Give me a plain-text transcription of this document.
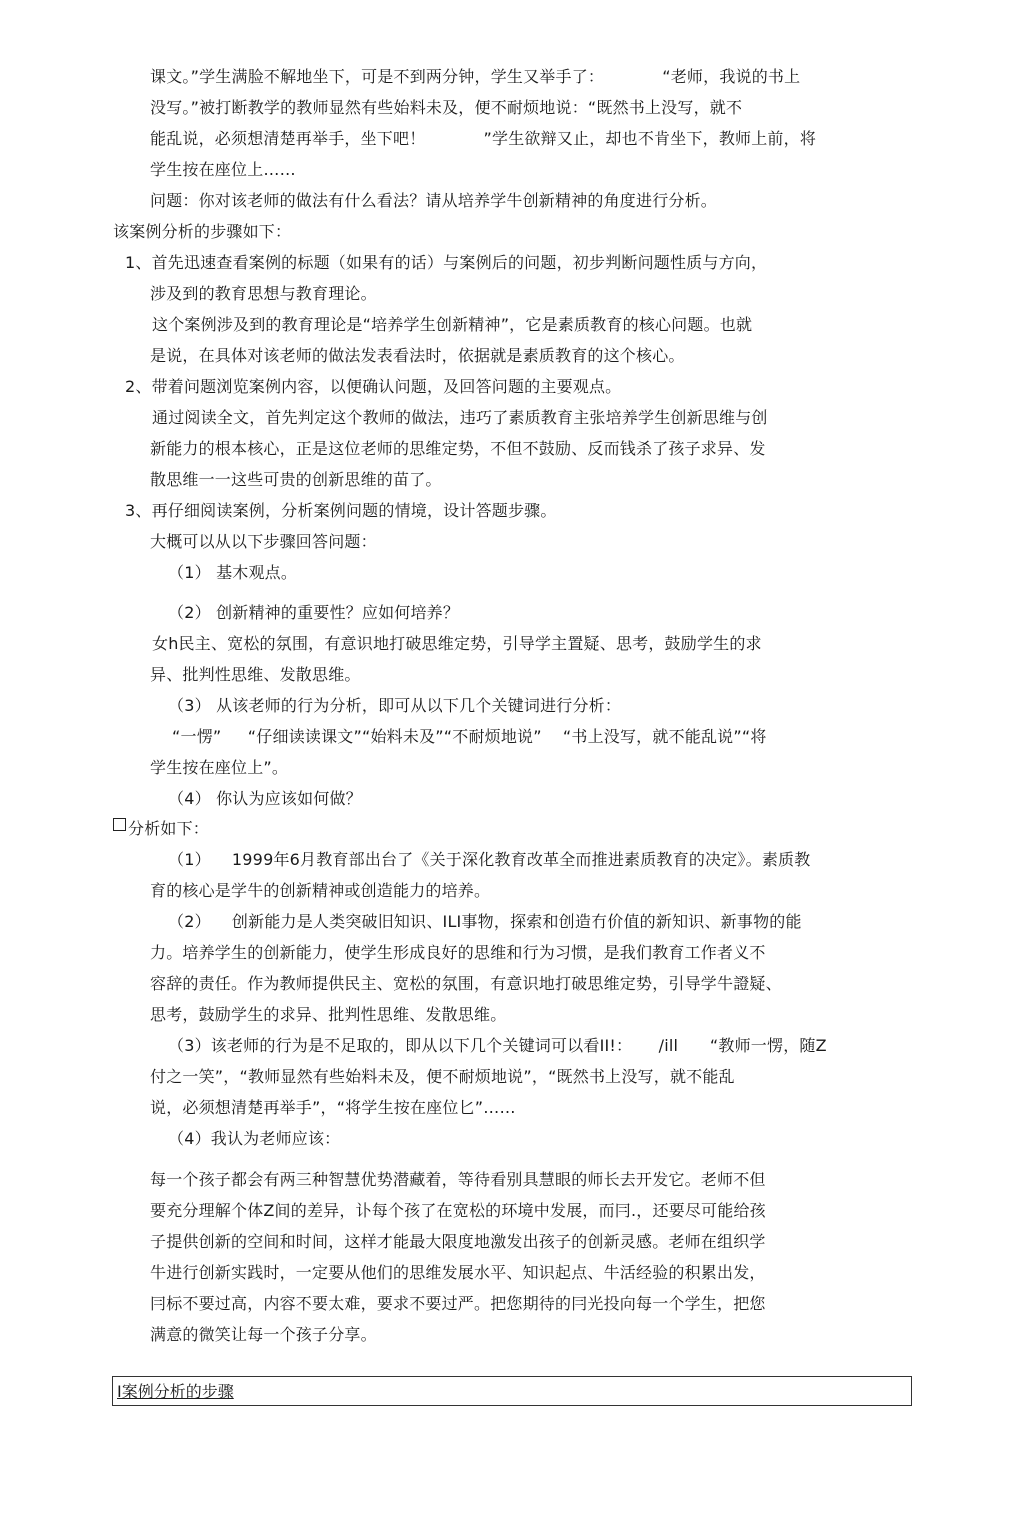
课文。”学生满脸不解地坐下，可是不到两分钟，学生又举手了：           “老师，我说的书上
没写。”被打断教学的教师显然有些始料未及，便不耐烦地说：“既然书上没写，就不
能乱说，必须想清楚再举手，坐下吧！           ”学生欲辩又止，却也不肯坐下，教师上前，将
学生按在座位上……
问题：你对该老师的做法有什么看法？请从培养学牛创新精神的角度进行分析。
该案例分析的步骤如下：
1、首先迅速查看案例的标题（如果有的话）与案例后的问题，初步判断问题性质与方向，
涉及到的教育思想与教育理论。
这个案例涉及到的教育理论是“培养学生创新精神”，它是素质教育的核心问题。也就
是说，在具体对该老师的做法发表看法时，依据就是素质教育的这个核心。
2、带着问题浏览案例内容，以便确认问题，及回答问题的主要观点。
通过阅读全文，首先判定这个教师的做法，违巧了素质教育主张培养学生创新思维与创
新能力的根本核心，正是这位老师的思维定势，不但不鼓励、反而钱杀了孩子求异、发
散思维一一这些可贵的创新思维的苗了。
3、再仔细阅读案例，分析案例问题的情境，设计答题步骤。
大概可以从以下步骤回答问题：
（1） 基木观点。
（2） 创新精神的重要性？应如何培养？
女h民主、宽松的氛围，有意识地打破思维定势，引导学主置疑、思考，鼓励学生的求
异、批判性思维、发散思维。
（3） 从该老师的行为分析，即可从以下几个关键词进行分析：
“一愣”     “仔细读读课文”“始料未及”“不耐烦地说”    “书上没写，就不能乱说”“将
学生按在座位上”。
（4） 你认为应该如何做？
分析如下：
（1）    1999年6月教育部出台了《关于深化教育改革全而推进素质教育的决定》。素质教
育的核心是学牛的创新精神或创造能力的培养。
（2）    创新能力是人类突破旧知识、ILI事物，探索和创造冇价值的新知识、新事物的能
力。培养学生的创新能力，使学生形成良好的思维和行为习惯，是我们教育工作者义不
容辞的责任。作为教师提供民主、宽松的氛围，有意识地打破思维定势，引导学牛證疑、
思考，鼓励学生的求异、批判性思维、发散思维。
（3）该老师的行为是不足取的，即从以下几个关键词可以看II!：     /ill      “教师一愣，随Z
付之一笑”，“教师显然有些始料未及，便不耐烦地说”，“既然书上没写，就不能乱
说，必须想清楚再举手”，“将学生按在座位匕”……
（4）我认为老师应该：
每一个孩子都会有两三种智慧优势潜藏着，等待看别具慧眼的师长去开发它。老师不但
要充分理解个体Z间的差异，讣每个孩了在宽松的环境中发展，而冃.，还要尽可能给孩
子提供创新的空间和时间，这样才能最大限度地激发出孩子的创新灵感。老师在组织学
牛进行创新实践时，一定要从他们的思维发展水平、知识起点、牛活经验的积累出发，
冃标不要过高，内容不要太难，要求不要过严。把您期待的冃光投向每一个学生，把您
满意的微笑让每一个孩子分享。
I案例分析的步骤
